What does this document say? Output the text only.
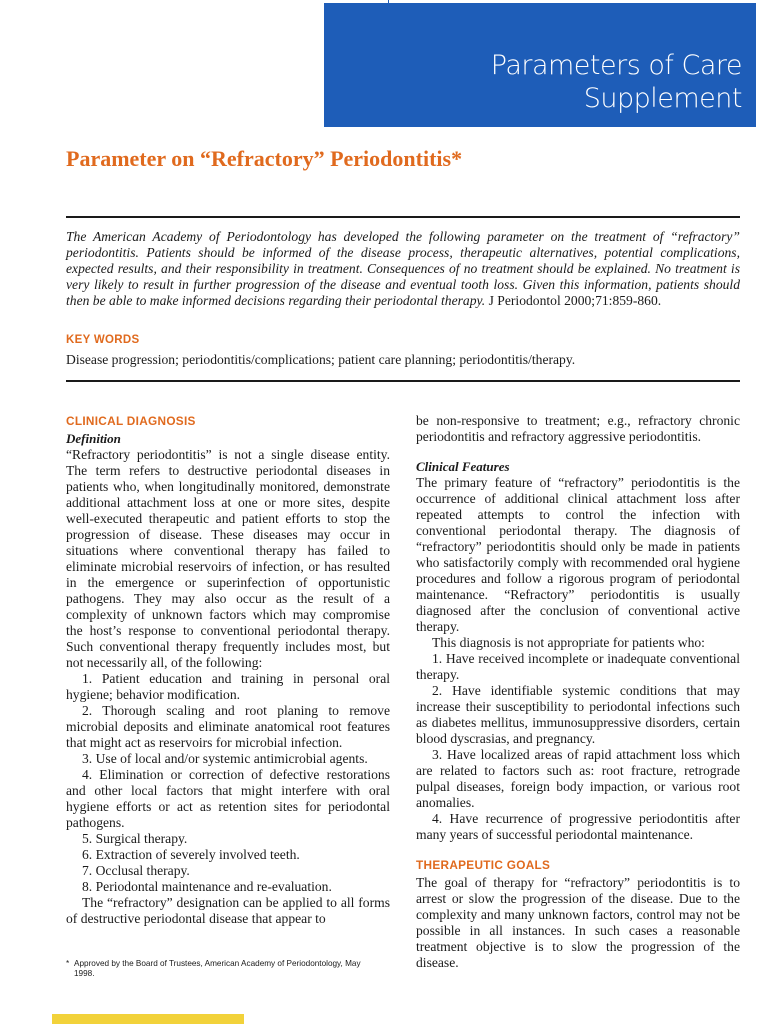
Parameters of Care
Supplement
Parameter on “Refractory” Periodontitis*
The American Academy of Periodontology has developed the following parameter on the treatment of “refractory” periodontitis. Patients should be informed of the disease process, therapeutic alternatives, potential complications, expected results, and their responsibility in treatment. Consequences of no treatment should be explained. No treatment is very likely to result in further progression of the disease and eventual tooth loss. Given this information, patients should then be able to make informed decisions regarding their periodontal therapy. J Periodontol 2000;71:859-860.
KEY WORDS
Disease progression; periodontitis/complications; patient care planning; periodontitis/therapy.
CLINICAL DIAGNOSIS
Definition

“Refractory periodontitis” is not a single disease entity. The term refers to destructive periodontal diseases in patients who, when longitudinally monitored, demonstrate additional attachment loss at one or more sites, despite well-executed therapeutic and patient efforts to stop the progression of disease. These diseases may occur in situations where conventional therapy has failed to eliminate microbial reservoirs of infection, or has resulted in the emergence or superinfection of opportunistic pathogens. They may also occur as the result of a complexity of unknown factors which may compromise the host’s response to conventional periodontal therapy. Such conventional therapy frequently includes most, but not necessarily all, of the following:

1. Patient education and training in personal oral hygiene; behavior modification.

2. Thorough scaling and root planing to remove microbial deposits and eliminate anatomical root features that might act as reservoirs for microbial infection.

3. Use of local and/or systemic antimicrobial agents.

4. Elimination or correction of defective restorations and other local factors that might interfere with oral hygiene efforts or act as retention sites for periodontal pathogens.

5. Surgical therapy.

6. Extraction of severely involved teeth.

7. Occlusal therapy.

8. Periodontal maintenance and re-evaluation.

The “refractory” designation can be applied to all forms of destructive periodontal disease that appear to

be non-responsive to treatment; e.g., refractory chronic periodontitis and refractory aggressive periodontitis.

Clinical Features

The primary feature of “refractory” periodontitis is the occurrence of additional clinical attachment loss after repeated attempts to control the infection with conventional periodontal therapy. The diagnosis of “refractory” periodontitis should only be made in patients who satisfactorily comply with recommended oral hygiene procedures and follow a rigorous program of periodontal maintenance. “Refractory” periodontitis is usually diagnosed after the conclusion of conventional active therapy.

This diagnosis is not appropriate for patients who:

1. Have received incomplete or inadequate conventional therapy.

2. Have identifiable systemic conditions that may increase their susceptibility to periodontal infections such as diabetes mellitus, immunosuppressive disorders, certain blood dyscrasias, and pregnancy.

3. Have localized areas of rapid attachment loss which are related to factors such as: root fracture, retrograde pulpal diseases, foreign body impaction, or various root anomalies.

4. Have recurrence of progressive periodontitis after many years of successful periodontal maintenance.

THERAPEUTIC GOALS

The goal of therapy for “refractory” periodontitis is to arrest or slow the progression of the disease. Due to the complexity and many unknown factors, control may not be possible in all instances. In such cases a reasonable treatment objective is to slow the progression of the disease.

* Approved by the Board of Trustees, American Academy of Periodontology, May 1998.
